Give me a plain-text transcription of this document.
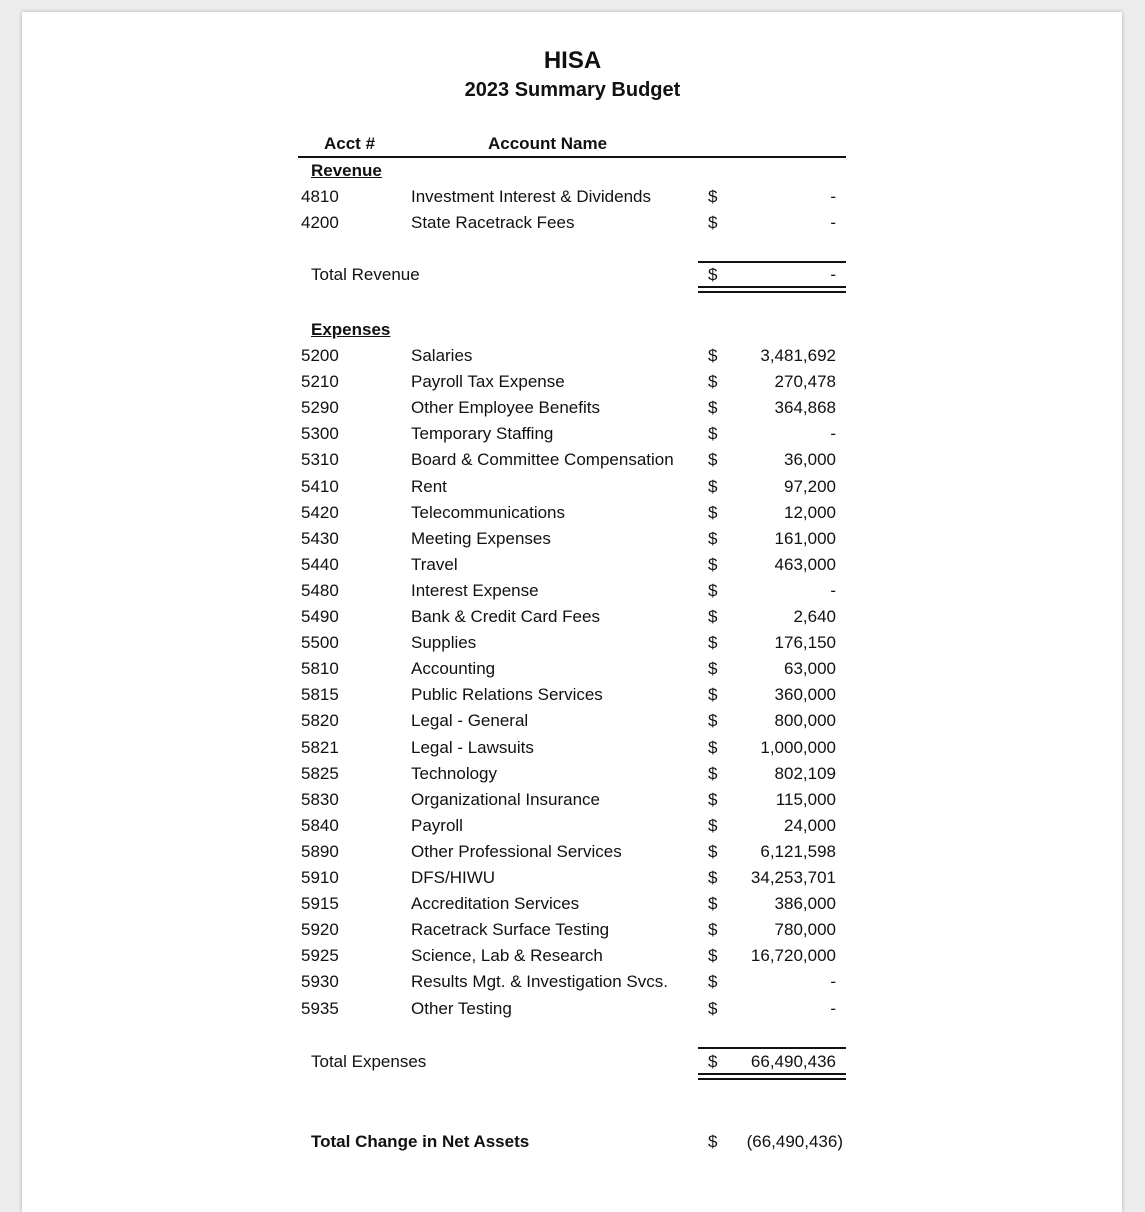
HISA
2023 Summary Budget
Acct #	Account Name
Revenue
4810	Investment Interest & Dividends	$	-
4200	State Racetrack Fees	$	-
Total Revenue	$	-
Expenses
5200	Salaries	$	3,481,692
5210	Payroll Tax Expense	$	270,478
5290	Other Employee Benefits	$	364,868
5300	Temporary Staffing	$	-
5310	Board & Committee Compensation $	36,000
5410	Rent	$	97,200
5420	Telecommunications	$	12,000
5430	Meeting Expenses	$	161,000
5440	Travel	$	463,000
5480	Interest Expense	$	-
5490	Bank & Credit Card Fees	$	2,640
5500	Supplies	$	176,150
5810	Accounting	$	63,000
5815	Public Relations Services	$	360,000
5820	Legal - General	$	800,000
5821	Legal - Lawsuits	$	1,000,000
5825	Technology	$	802,109
5830	Organizational Insurance	$	115,000
5840	Payroll	$	24,000
5890	Other Professional Services	$	6,121,598
5910	DFS/HIWU	$ 34,253,701
5915	Accreditation Services	$	386,000
5920	Racetrack Surface Testing	$	780,000
5925	Science, Lab & Research	$ 16,720,000
5930	Results Mgt. & Investigation Svcs. $	-
5935	Other Testing	$	-
Total Expenses	$ 66,490,436
Total Change in Net Assets	$ (66,490,436)
